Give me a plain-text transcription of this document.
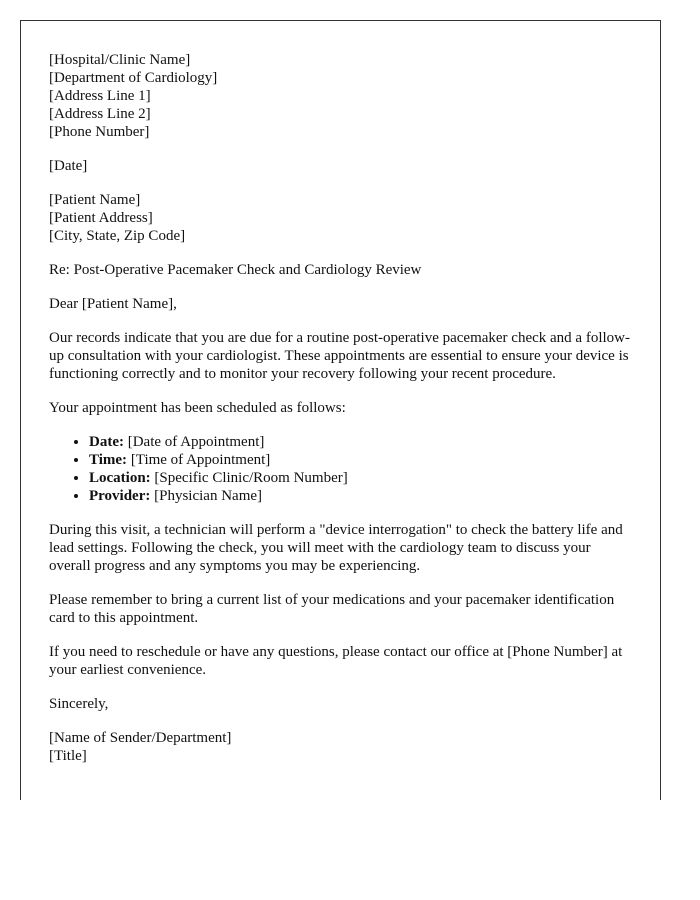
[Hospital/Clinic Name]
[Department of Cardiology]
[Address Line 1]
[Address Line 2]
[Phone Number]
[Date]
[Patient Name]
[Patient Address]
[City, State, Zip Code]

Re: Post-Operative Pacemaker Check and Cardiology Review

Dear [Patient Name],

Our records indicate that you are due for a routine post-operative pacemaker check and a follow-up consultation with your cardiologist. These appointments are essential to ensure your device is functioning correctly and to monitor your recovery following your recent procedure.

Your appointment has been scheduled as follows:

• Date: [Date of Appointment]
• Time: [Time of Appointment]
• Location: [Specific Clinic/Room Number]
• Provider: [Physician Name]

During this visit, a technician will perform a "device interrogation" to check the battery life and lead settings. Following the check, you will meet with the cardiology team to discuss your overall progress and any symptoms you may be experiencing.

Please remember to bring a current list of your medications and your pacemaker identification card to this appointment.

If you need to reschedule or have any questions, please contact our office at [Phone Number] at your earliest convenience.

Sincerely,

[Name of Sender/Department]
[Title]
